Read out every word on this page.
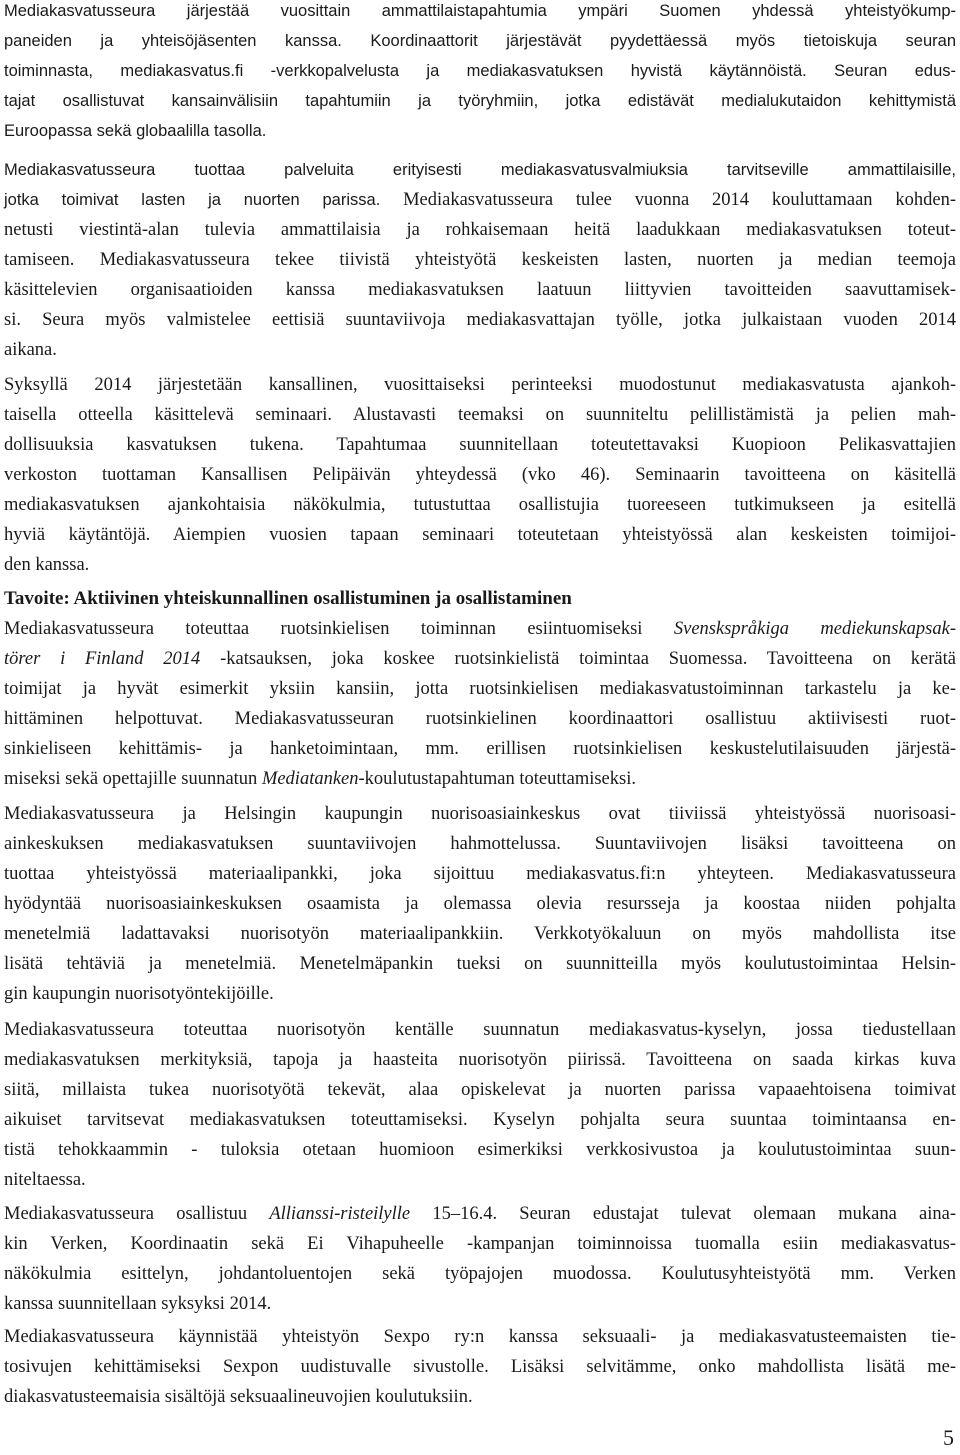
Mediakasvatusseura järjestää vuosittain ammattilaistapahtumia ympäri Suomen yhdessä yhteistyökump-
paneiden ja yhteisöjäsenten kanssa. Koordinaattorit järjestävät pyydettäessä myös tietoiskuja seuran
toiminnasta, mediakasvatus.fi -verkkopalvelusta ja mediakasvatuksen hyvistä käytännöistä. Seuran edus-
tajat osallistuvat kansainvälisiin tapahtumiin ja työryhmiin, jotka edistävät medialukutaidon kehittymistä
Euroopassa sekä globaalilla tasolla.
Mediakasvatusseura tuottaa palveluita erityisesti mediakasvatusvalmiuksia tarvitseville ammattilaisille,
jotka toimivat lasten ja nuorten parissa. Mediakasvatusseura tulee vuonna 2014 kouluttamaan kohden-
netusti viestintä-alan tulevia ammattilaisia ja rohkaisemaan heitä laadukkaan mediakasvatuksen toteut-
tamiseen. Mediakasvatusseura tekee tiivistä yhteistyötä keskeisten lasten, nuorten ja median teemoja
käsittelevien organisaatioiden kanssa mediakasvatuksen laatuun liittyvien tavoitteiden saavuttamisek-
si. Seura myös valmistelee eettisiä suuntaviivoja mediakasvattajan työlle, jotka julkaistaan vuoden 2014
aikana.
Syksyllä 2014 järjestetään kansallinen, vuosittaiseksi perinteeksi muodostunut mediakasvatusta ajankoh-
taisella otteella käsittelevä seminaari. Alustavasti teemaksi on suunniteltu pelillistämistä ja pelien mah-
dollisuuksia kasvatuksen tukena. Tapahtumaa suunnitellaan toteutettavaksi Kuopioon Pelikasvattajien
verkoston tuottaman Kansallisen Pelipäivän yhteydessä (vko 46). Seminaarin tavoitteena on käsitellä
mediakasvatuksen ajankohtaisia näkökulmia, tutustuttaa osallistujia tuoreeseen tutkimukseen ja esitellä
hyviä käytäntöjä. Aiempien vuosien tapaan seminaari toteutetaan yhteistyössä alan keskeisten toimijoi-
den kanssa.
Tavoite: Aktiivinen yhteiskunnallinen osallistuminen ja osallistaminen
Mediakasvatusseura toteuttaa ruotsinkielisen toiminnan esiintuomiseksi Svenskspråkiga mediekunskapsak-
törer i Finland 2014 -katsauksen, joka koskee ruotsinkielistä toimintaa Suomessa. Tavoitteena on kerätä
toimijat ja hyvät esimerkit yksiin kansiin, jotta ruotsinkielisen mediakasvatustoiminnan tarkastelu ja ke-
hittäminen helpottuvat. Mediakasvatusseuran ruotsinkielinen koordinaattori osallistuu aktiivisesti ruot-
sinkieliseen kehittämis- ja hanketoimintaan, mm. erillisen ruotsinkielisen keskustelutilaisuuden järjestä-
miseksi sekä opettajille suunnatun Mediatanken-koulutustapahtuman toteuttamiseksi.
Mediakasvatusseura ja Helsingin kaupungin nuorisoasiainkeskus ovat tiiviissä yhteistyössä nuorisoasi-
ainkeskuksen mediakasvatuksen suuntaviivojen hahmottelussa. Suuntaviivojen lisäksi tavoitteena on
tuottaa yhteistyössä materiaalipankki, joka sijoittuu mediakasvatus.fi:n yhteyteen. Mediakasvatusseura
hyödyntää nuorisoasiainkeskuksen osaamista ja olemassa olevia resursseja ja koostaa niiden pohjalta
menetelmiä ladattavaksi nuorisotyön materiaalipankkiin. Verkkotyökaluun on myös mahdollista itse
lisätä tehtäviä ja menetelmiä. Menetelmäpankin tueksi on suunnitteilla myös koulutustoimintaa Helsin-
gin kaupungin nuorisotyöntekijöille.
Mediakasvatusseura toteuttaa nuorisotyön kentälle suunnatun mediakasvatus-kyselyn, jossa tiedustellaan
mediakasvatuksen merkityksiä, tapoja ja haasteita nuorisotyön piirissä. Tavoitteena on saada kirkas kuva
siitä, millaista tukea nuorisotyötä tekevät, alaa opiskelevat ja nuorten parissa vapaaehtoisena toimivat
aikuiset tarvitsevat mediakasvatuksen toteuttamiseksi. Kyselyn pohjalta seura suuntaa toimintaansa en-
tistä tehokkaammin - tuloksia otetaan huomioon esimerkiksi verkkosivustoa ja koulutustoimintaa suun-
niteltaessa.
Mediakasvatusseura osallistuu Allianssi-risteilylle 15–16.4. Seuran edustajat tulevat olemaan mukana aina-
kin Verken, Koordinaatin sekä Ei Vihapuheelle -kampanjan toiminnoissa tuomalla esiin mediakasvatus-
näkökulmia esittelyn, johdantoluentojen sekä työpajojen muodossa. Koulutusyhteistyötä mm. Verken
kanssa suunnitellaan syksyksi 2014.
Mediakasvatusseura käynnistää yhteistyön Sexpo ry:n kanssa seksuaali- ja mediakasvatusteemaisten tie-
tosivujen kehittämiseksi Sexpon uudistuvalle sivustolle. Lisäksi selvitämme, onko mahdollista lisätä me-
diakasvatusteemaisia sisältöjä seksuaalineuvojien koulutuksiin.
5
